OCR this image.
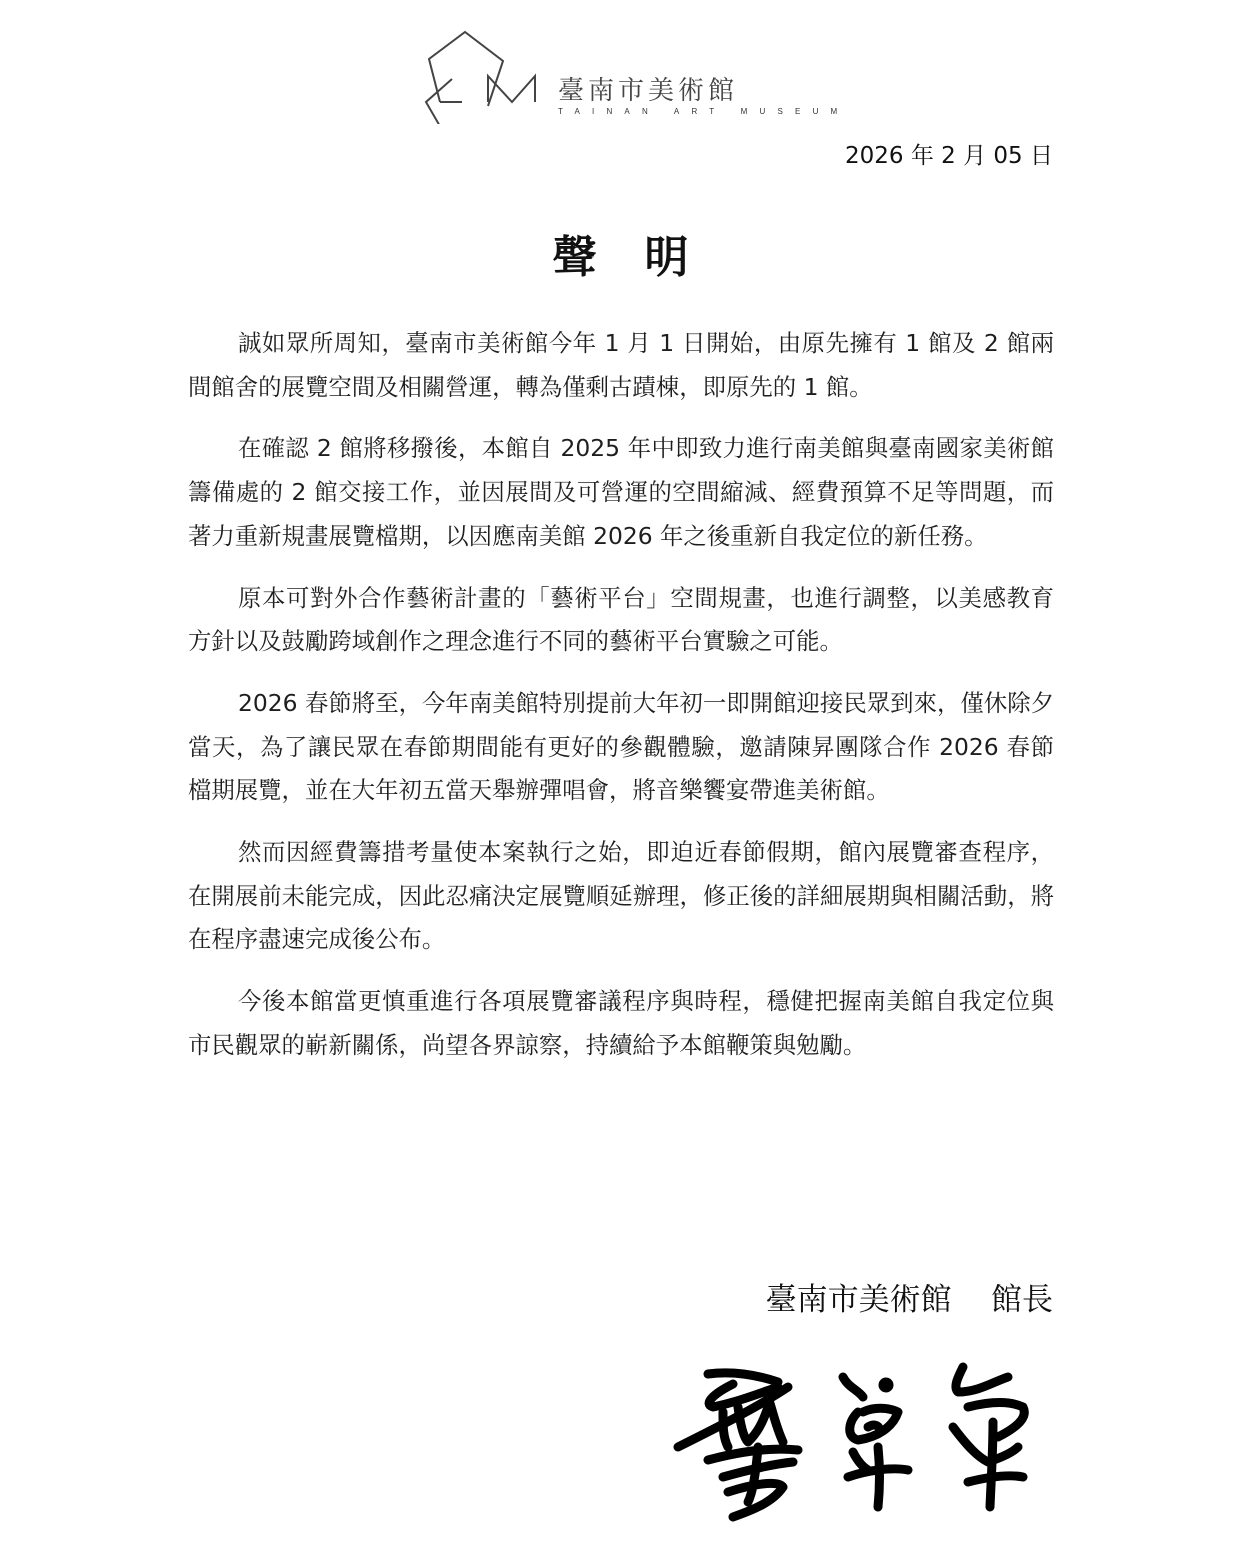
臺南市美術館
TAINAN ART MUSEUM
2026 年 2 月 05 日
聲明

誠如眾所周知，臺南市美術館今年 1 月 1 日開始，由原先擁有 1 館及 2 館兩間館舍的展覽空間及相關營運，轉為僅剩古蹟棟，即原先的 1 館。

在確認 2 館將移撥後，本館自 2025 年中即致力進行南美館與臺南國家美術館籌備處的 2 館交接工作，並因展間及可營運的空間縮減、經費預算不足等問題，而著力重新規畫展覽檔期，以因應南美館 2026 年之後重新自我定位的新任務。

原本可對外合作藝術計畫的「藝術平台」空間規畫，也進行調整，以美感教育方針以及鼓勵跨域創作之理念進行不同的藝術平台實驗之可能。

2026 春節將至，今年南美館特別提前大年初一即開館迎接民眾到來，僅休除夕當天，為了讓民眾在春節期間能有更好的參觀體驗，邀請陳昇團隊合作 2026 春節檔期展覽，並在大年初五當天舉辦彈唱會，將音樂饗宴帶進美術館。

然而因經費籌措考量使本案執行之始，即迫近春節假期，館內展覽審查程序，在開展前未能完成，因此忍痛決定展覽順延辦理，修正後的詳細展期與相關活動，將在程序盡速完成後公布。

今後本館當更慎重進行各項展覽審議程序與時程，穩健把握南美館自我定位與市民觀眾的嶄新關係，尚望各界諒察，持續給予本館鞭策與勉勵。

臺南市美術館 館長
